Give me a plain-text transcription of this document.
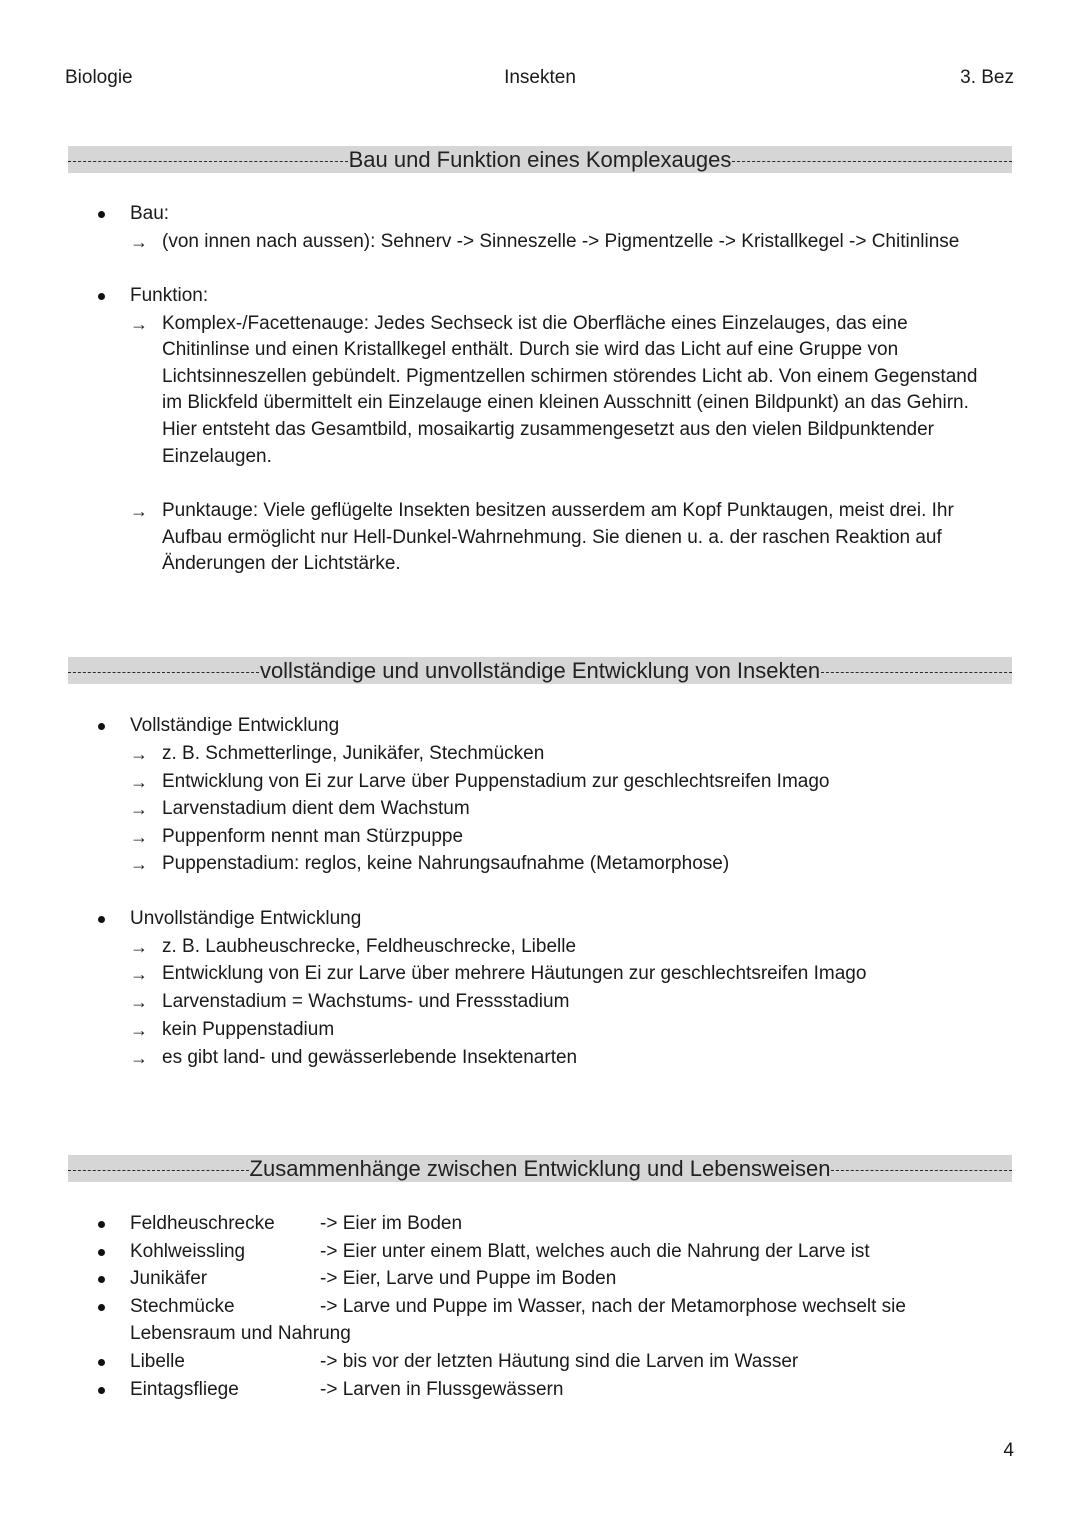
Biologie	Insekten	3. Bez
Bau und Funktion eines Komplexauges
Bau:
→ (von innen nach aussen): Sehnerv -> Sinneszelle -> Pigmentzelle -> Kristallkegel -> Chitinlinse
Funktion:
→ Komplex-/Facettenauge: Jedes Sechseck ist die Oberfläche eines Einzelauges, das eine
Chitinlinse und einen Kristallkegel enthält. Durch sie wird das Licht auf eine Gruppe von
Lichtsinneszellen gebündelt. Pigmentzellen schirmen störendes Licht ab. Von einem Gegenstand
im Blickfeld übermittelt ein Einzelauge einen kleinen Ausschnitt (einen Bildpunkt) an das Gehirn.
Hier entsteht das Gesamtbild, mosaikartig zusammengesetzt aus den vielen Bildpunktender
Einzelaugen.
→ Punktauge: Viele geflügelte Insekten besitzen ausserdem am Kopf Punktaugen, meist drei. Ihr
Aufbau ermöglicht nur Hell-Dunkel-Wahrnehmung. Sie dienen u. a. der raschen Reaktion auf
Änderungen der Lichtstärke.
vollständige und unvollständige Entwicklung von Insekten
Vollständige Entwicklung
→ z. B. Schmetterlinge, Junikäfer, Stechmücken
→ Entwicklung von Ei zur Larve über Puppenstadium zur geschlechtsreifen Imago
→ Larvenstadium dient dem Wachstum
→ Puppenform nennt man Stürzpuppe
→ Puppenstadium: reglos, keine Nahrungsaufnahme (Metamorphose)
Unvollständige Entwicklung
→ z. B. Laubheuschrecke, Feldheuschrecke, Libelle
→ Entwicklung von Ei zur Larve über mehrere Häutungen zur geschlechtsreifen Imago
→ Larvenstadium = Wachstums- und Fressstadium
→ kein Puppenstadium
→ es gibt land- und gewässerlebende Insektenarten
Zusammenhänge zwischen Entwicklung und Lebensweisen
Feldheuschrecke -> Eier im Boden
Kohlweissling	-> Eier unter einem Blatt, welches auch die Nahrung der Larve ist
Junikäfer	-> Eier, Larve und Puppe im Boden
Stechmücke	-> Larve und Puppe im Wasser, nach der Metamorphose wechselt sie
Lebensraum und Nahrung
Libelle	-> bis vor der letzten Häutung sind die Larven im Wasser
Eintagsfliege	-> Larven in Flussgewässern
4
